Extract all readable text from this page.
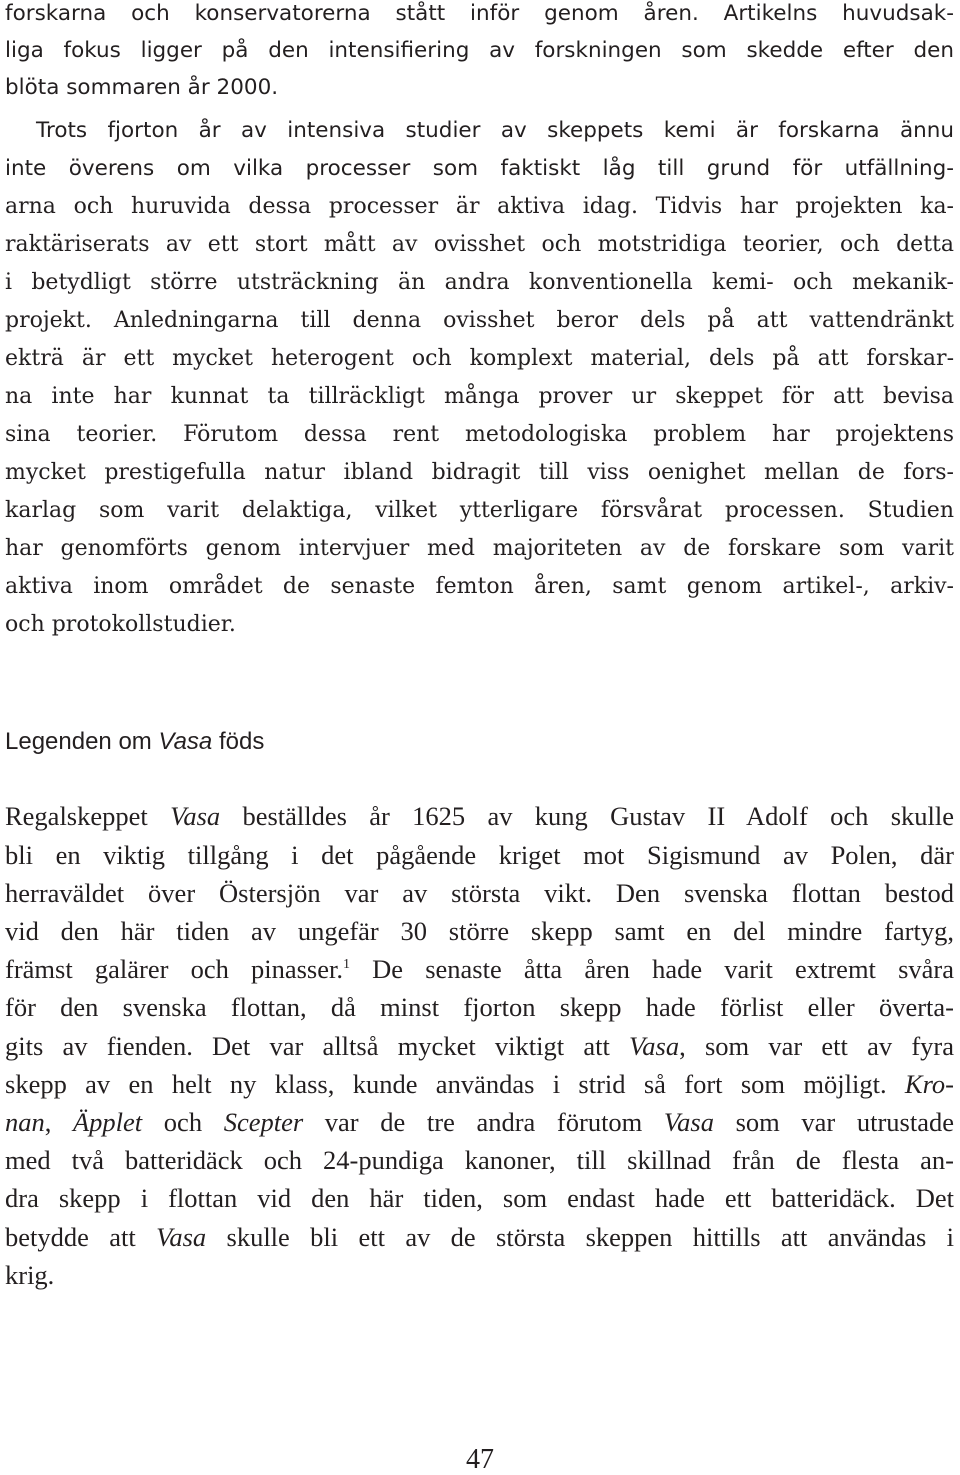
forskarna och konservatorerna stått inför genom åren. Artikelns huvudsak-
liga fokus ligger på den intensifiering av forskningen som skedde efter den
blöta sommaren år 2000.
Trots fjorton år av intensiva studier av skeppets kemi är forskarna ännu
inte överens om vilka processer som faktiskt låg till grund för utfällning-
arna och huruvida dessa processer är aktiva idag. Tidvis har projekten ka-
raktäriserats av ett stort mått av ovisshet och motstridiga teorier, och detta
i betydligt större utsträckning än andra konventionella kemi- och mekanik-
projekt. Anledningarna till denna ovisshet beror dels på att vattendränkt
ekträ är ett mycket heterogent och komplext material, dels på att forskar-
na inte har kunnat ta tillräckligt många prover ur skeppet för att bevisa
sina teorier. Förutom dessa rent metodologiska problem har projektens
mycket prestigefulla natur ibland bidragit till viss oenighet mellan de fors-
karlag som varit delaktiga, vilket ytterligare försvårat processen. Studien
har genomförts genom intervjuer med majoriteten av de forskare som varit
aktiva inom området de senaste femton åren, samt genom artikel-, arkiv-
och protokollstudier.
Legenden om Vasa föds
Regalskeppet Vasa beställdes år 1625 av kung Gustav II Adolf och skulle
bli en viktig tillgång i det pågående kriget mot Sigismund av Polen, där
herraväldet över Östersjön var av största vikt. Den svenska flottan bestod
vid den här tiden av ungefär 30 större skepp samt en del mindre fartyg,
främst galärer och pinasser.$^1$ De senaste åtta åren hade varit extremt svåra
för den svenska flottan, då minst fjorton skepp hade förlist eller överta-
gits av fienden. Det var alltså mycket viktigt att Vasa, som var ett av fyra
skepp av en helt ny klass, kunde användas i strid så fort som möjligt. Kro-
nan, Äpplet och Scepter var de tre andra förutom Vasa som var utrustade
med två batteridäck och 24-pundiga kanoner, till skillnad från de flesta an-
dra skepp i flottan vid den här tiden, som endast hade ett batteridäck. Det
betydde att Vasa skulle bli ett av de största skeppen hittills att användas i
krig.
47
